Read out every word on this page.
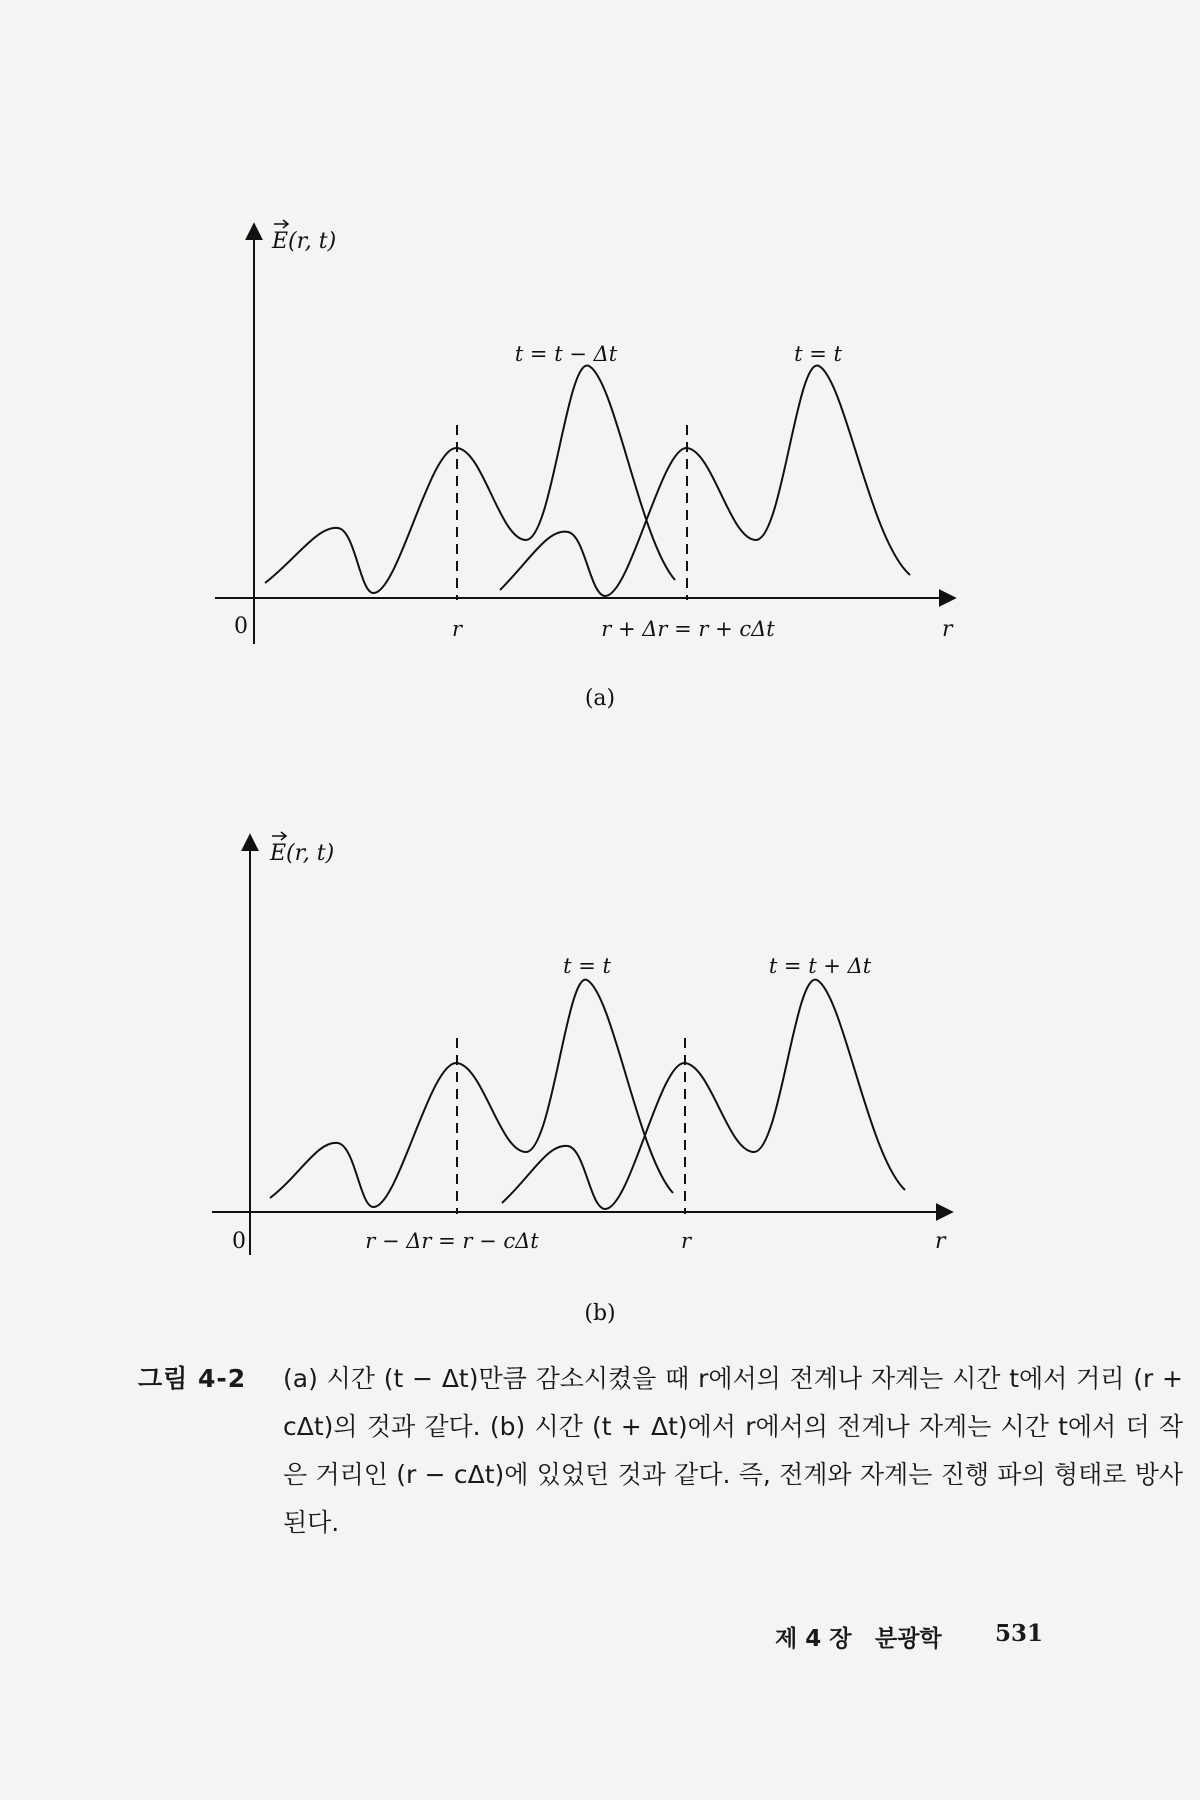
E(r, t)
0	r	r + Δr = r + cΔt	r
t = t − Δt	t = t
(a)
E(r, t)
0	r − Δr = r − cΔt	r	r
t = t	t = t + Δt
(b)
그림 4-2 (a) 시간 (t − Δt)만큼 감소시켰을 때 r에서의 전계나 자계는 시간 t에서 거리 (r + cΔt)의 것과 같다. (b) 시간 (t + Δt)에서 r에서의 전계나 자계는 시간 t에서 더 작은 거리인 (r − cΔt)에 있었던 것과 같다. 즉, 전계와 자계는 진행 파의 형태로 방사된다.
제 4 장 분광학 531
